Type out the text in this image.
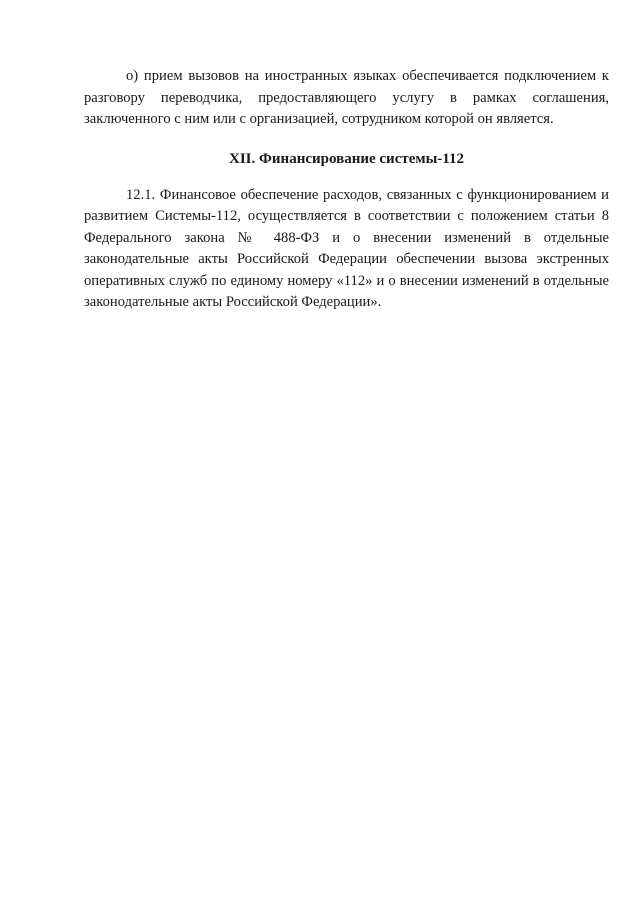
о) прием вызовов на иностранных языках обеспечивается подключением к разговору переводчика, предоставляющего услугу в рамках соглашения, заключенного с ним или с организацией, сотрудником которой он является.

XII. Финансирование системы-112

12.1. Финансовое обеспечение расходов, связанных с функционированием и развитием Системы-112, осуществляется в соответствии с положением статьи 8 Федерального закона № 488-ФЗ и о внесении изменений в отдельные законодательные акты Российской Федерации обеспечении вызова экстренных оперативных служб по единому номеру «112» и о внесении изменений в отдельные законодательные акты Российской Федерации».
